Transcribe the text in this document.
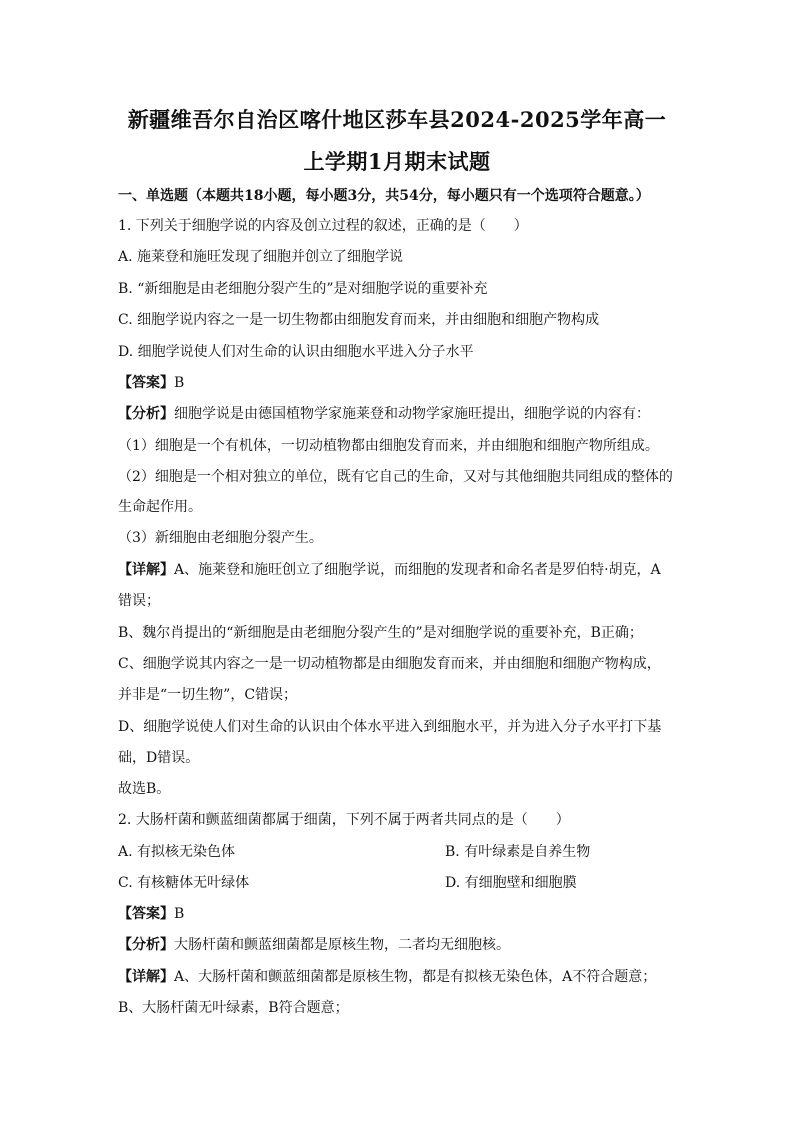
新疆维吾尔自治区喀什地区莎车县2024-2025学年高一
上学期1月期末试题
一、单选题（本题共18小题，每小题3分，共54分，每小题只有一个选项符合题意。）
1. 下列关于细胞学说的内容及创立过程的叙述，正确的是（　　）
A. 施莱登和施旺发现了细胞并创立了细胞学说
B. “新细胞是由老细胞分裂产生的”是对细胞学说的重要补充
C. 细胞学说内容之一是一切生物都由细胞发育而来，并由细胞和细胞产物构成
D. 细胞学说使人们对生命的认识由细胞水平进入分子水平
【答案】B
【分析】细胞学说是由德国植物学家施莱登和动物学家施旺提出，细胞学说的内容有：
（1）细胞是一个有机体，一切动植物都由细胞发育而来，并由细胞和细胞产物所组成。
（2）细胞是一个相对独立的单位，既有它自己的生命，又对与其他细胞共同组成的整体的
生命起作用。
（3）新细胞由老细胞分裂产生。
【详解】A、施莱登和施旺创立了细胞学说，而细胞的发现者和命名者是罗伯特·胡克，A
错误；
B、魏尔肖提出的“新细胞是由老细胞分裂产生的”是对细胞学说的重要补充，B正确；
C、细胞学说其内容之一是一切动植物都是由细胞发育而来，并由细胞和细胞产物构成，
并非是“一切生物”，C错误；
D、细胞学说使人们对生命的认识由个体水平进入到细胞水平，并为进入分子水平打下基
础，D错误。
故选B。
2. 大肠杆菌和颤蓝细菌都属于细菌，下列不属于两者共同点的是（　　）
A. 有拟核无染色体	B. 有叶绿素是自养生物
C. 有核糖体无叶绿体	D. 有细胞壁和细胞膜
【答案】B
【分析】大肠杆菌和颤蓝细菌都是原核生物，二者均无细胞核。
【详解】A、大肠杆菌和颤蓝细菌都是原核生物，都是有拟核无染色体，A不符合题意；
B、大肠杆菌无叶绿素，B符合题意；
